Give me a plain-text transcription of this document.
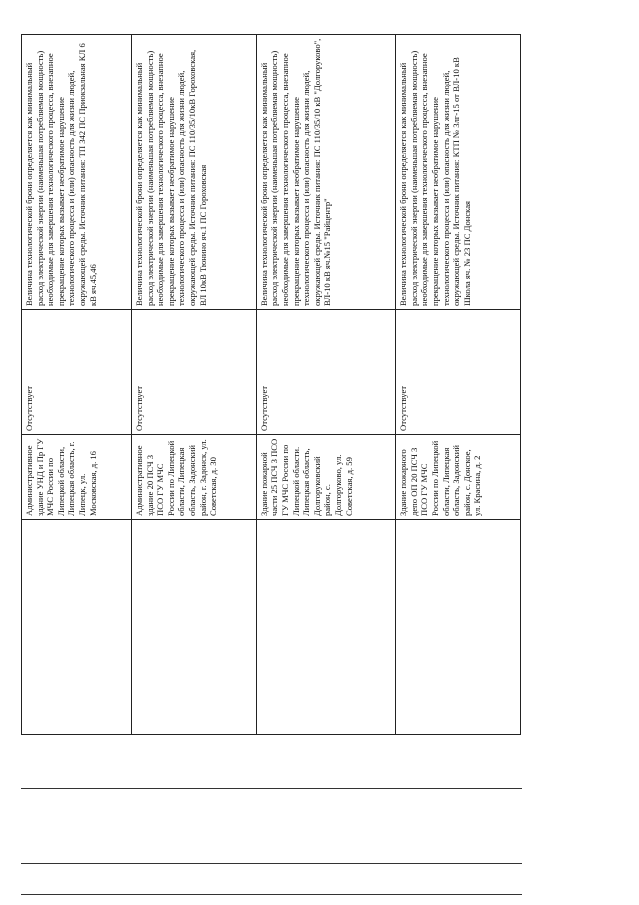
	Административное здание УНД и Пр ГУ МЧС России по Липецкой области, Липецкая область, г. Липецк, ул. Московская, д. 16	Отсутствует	Величина технологической брони определяется как минимальный расход электрической энергии (наименьшая потребляемая мощность) необходимые для завершения технологического процесса, внезапное прекращение которых вызывает необратимое нарушение технологического процесса и (или) опасность для жизни людей, окружающей среды. Источник питания: ТП 342 ПС Приокзальная КЛ 6 кВ яч.45,46
	Административное здание 20 ПСЧ 3 ПСО ГУ МЧС России по Липецкой области, Липецкая область, Задонский район, г. Задонск, ул. Советская, д. 30	Отсутствует	Величина технологической брони определяется как минимальный расход электрической энергии (наименьшая потребляемая мощность) необходимые для завершения технологического процесса, внезапное прекращение которых вызывает необратимое нарушение технологического процесса и (или) опасность для жизни людей, окружающей среды. Источник питания: ПС 110/35/10кВ Гороховская, ВЛ 10кВ Тюнино яч.1 ПС Гороховская
	Здание пожарной части 25 ПСЧ 3 ПСО ГУ МЧС России по Липецкой области. Липецкая область, Долгоруковский район, с. Долгоруково, ул. Советская, д. 59	Отсутствует	Величина технологической брони определяется как минимальный расход электрической энергии (наименьшая потребляемая мощность) необходимые для завершения технологического процесса, внезапное прекращение которых вызывает необратимое нарушение технологического процесса и (или) опасность для жизни людей, окружающей среды. Источник питания: ПС 110/35/10 кВ "Долгоруково", ВЛ-10 кВ яч.№15 "Райцентр"
	Здание пожарного депо ОП 20 ПСЧ 3 ПСО ГУ МЧС России по Липецкой области, Липецкая область, Задонский район, с. Донское, ул. Красина, д. 2	Отсутствует	Величина технологической брони определяется как минимальный расход электрической энергии (наименьшая потребляемая мощность) необходимые для завершения технологического процесса, внезапное прекращение которых вызывает необратимое нарушение технологического процесса и (или) опасность для жизни людей, окружающей среды. Источник питания: КТП № 3лг-15 от ВЛ-10 кВ Школа яч. № 23 ПС Донская
